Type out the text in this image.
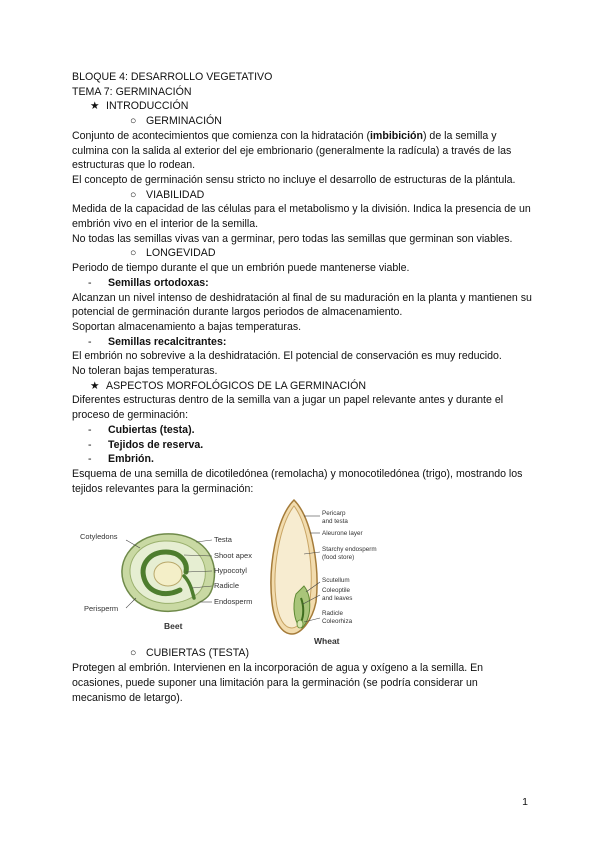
BLOQUE 4: DESARROLLO VEGETATIVO
TEMA 7: GERMINACIÓN
★ INTRODUCCIÓN
○ GERMINACIÓN
Conjunto de acontecimientos que comienza con la hidratación (imbibición) de la semilla y culmina con la salida al exterior del eje embrionario (generalmente la radícula) a través de las estructuras que lo rodean.
El concepto de germinación sensu stricto no incluye el desarrollo de estructuras de la plántula.
○ VIABILIDAD
Medida de la capacidad de las células para el metabolismo y la división. Indica la presencia de un embrión vivo en el interior de la semilla.
No todas las semillas vivas van a germinar, pero todas las semillas que germinan son viables.
○ LONGEVIDAD
Periodo de tiempo durante el que un embrión puede mantenerse viable.
- Semillas ortodoxas:
Alcanzan un nivel intenso de deshidratación al final de su maduración en la planta y mantienen su potencial de germinación durante largos periodos de almacenamiento.
Soportan almacenamiento a bajas temperaturas.
- Semillas recalcitrantes:
El embrión no sobrevive a la deshidratación. El potencial de conservación es muy reducido.
No toleran bajas temperaturas.
★ ASPECTOS MORFOLÓGICOS DE LA GERMINACIÓN
Diferentes estructuras dentro de la semilla van a jugar un papel relevante antes y durante el proceso de germinación:
- Cubiertas (testa).
- Tejidos de reserva.
- Embrión.
Esquema de una semilla de dicotiledónea (remolacha) y monocotiledónea (trigo), mostrando los tejidos relevantes para la germinación:
Cotyledons	Testa
Shoot apex
Hypocotyl
Radicle
Perisperm
Endosperm
Beet
Pericarp
and testa
Aleurone layer
Starchy endosperm
(food store)
Scutellum
Coleoptile
and leaves
Radicle
Coleorhiza
Wheat
○ CUBIERTAS (TESTA)
Protegen al embrión. Intervienen en la incorporación de agua y oxígeno a la semilla. En ocasiones, puede suponer una limitación para la germinación (se podría considerar un mecanismo de letargo).
1
